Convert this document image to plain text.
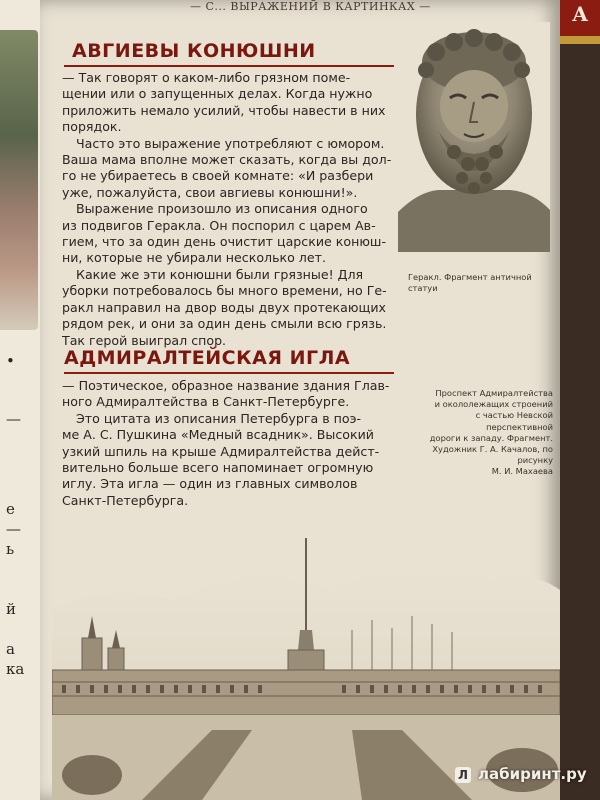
•
—
е
—
ь
й
а
ка
— С... ВЫРАЖЕНИЙ В КАРТИНКАХ —	А
АВГИЕВЫ КОНЮШНИ

— Так говорят о каком-либо грязном поме-

щении или о запущенных делах. Когда нужно

приложить немало усилий, чтобы навести в них

порядок.

Часто это выражение употребляют с юмором.

Ваша мама вполне может сказать, когда вы дол-

го не убираетесь в своей комнате: «И разбери

уже, пожалуйста, свои авгиевы конюшни!».

Выражение произошло из описания одного

из подвигов Геракла. Он поспорил с царем Ав-

гием, что за один день очистит царские конюш-

ни, которые не убирали несколько лет.

Какие же эти конюшни были грязные! Для

уборки потребовалось бы много времени, но Ге-

ракл направил на двор воды двух протекающих

рядом рек, и они за один день смыли всю грязь.

Так герой выиграл спор.

Геракл. Фрагмент античной статуи
АДМИРАЛТЕЙСКАЯ ИГЛА

— Поэтическое, образное название здания Глав-

ного Адмиралтейства в Санкт-Петербурге.

Это цитата из описания Петербурга в поэ-

ме А. С. Пушкина «Медный всадник». Высокий

узкий шпиль на крыше Адмиралтейства дейст-

вительно больше всего напоминает огромную

иглу. Эта игла — один из главных символов

Санкт-Петербурга.

Проспект Адмиралтейства
и окололежащих строений
с частью Невской перспективной
дороги к западу. Фрагмент.
Художник Г. А. Качалов, по рисунку
М. И. Махаева
лабиринт.ру
Л
